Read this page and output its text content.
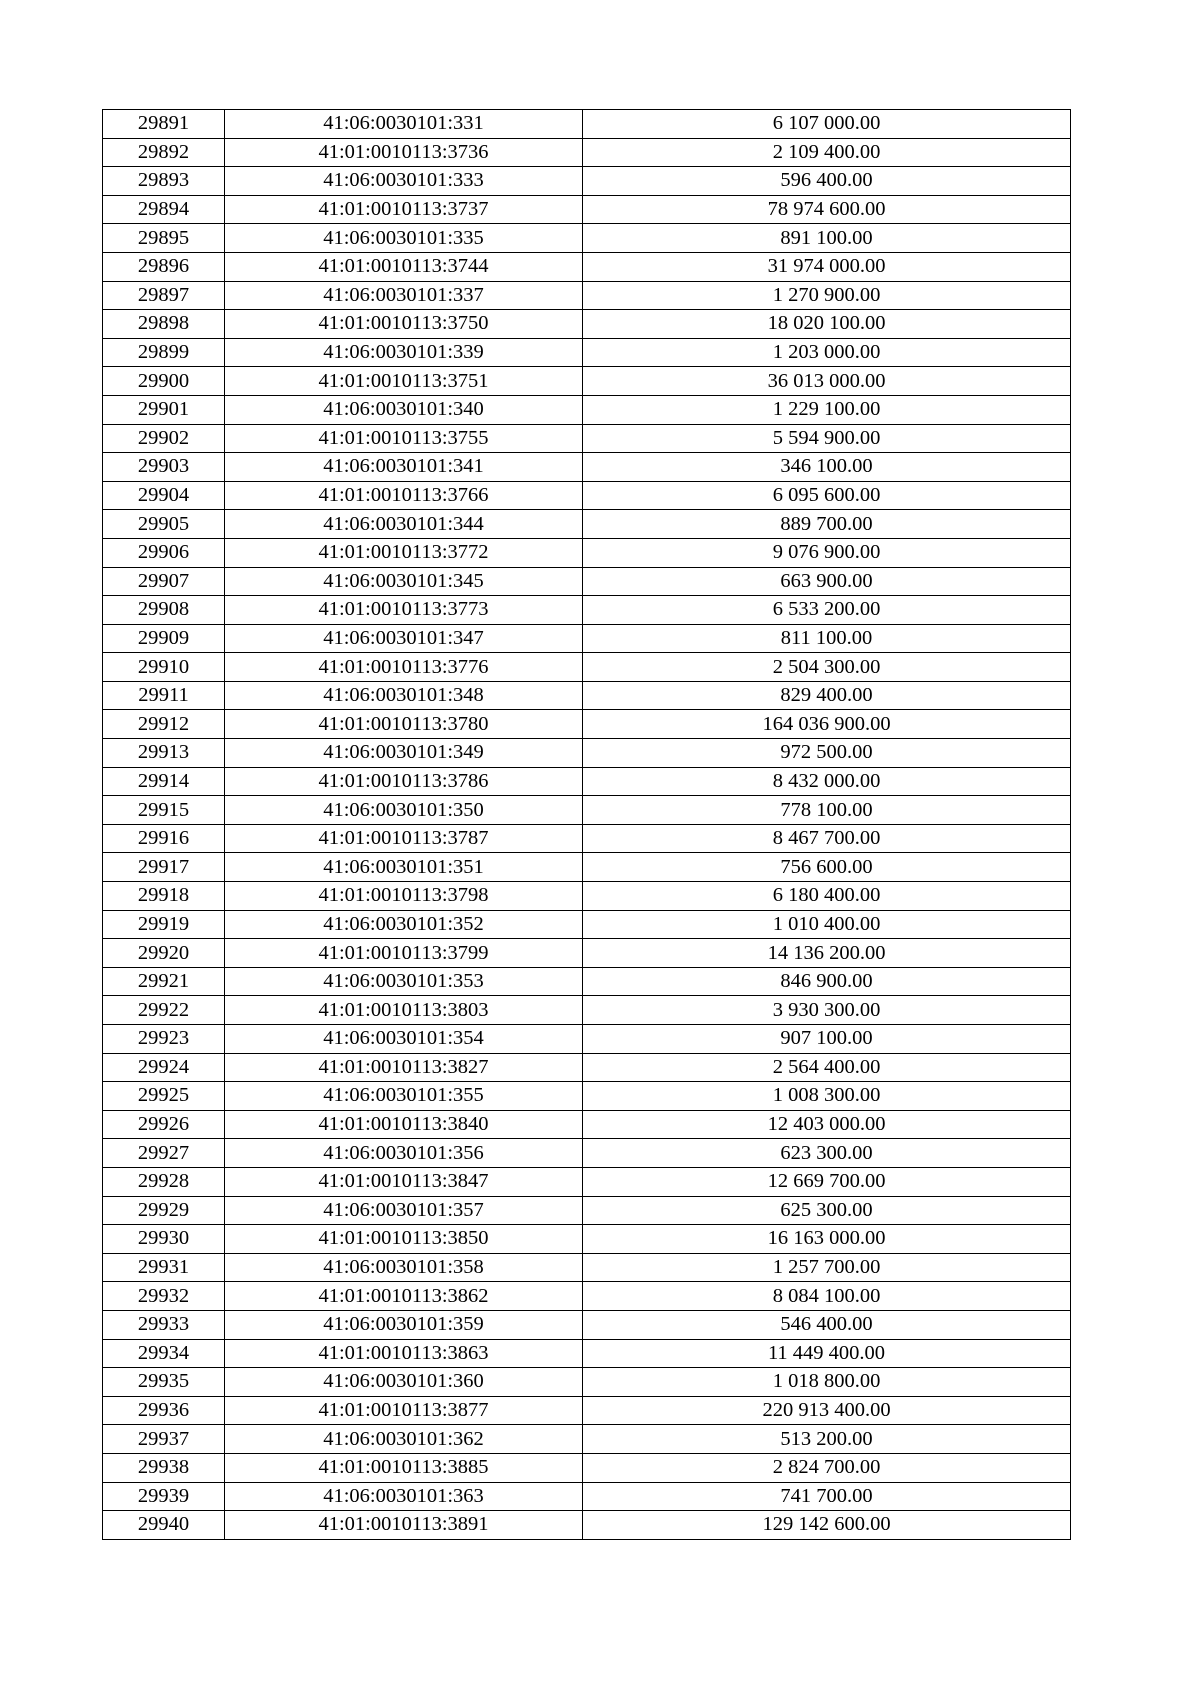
29891	41:06:0030101:331	6 107 000.00
29892	41:01:0010113:3736	2 109 400.00
29893	41:06:0030101:333	596 400.00
29894	41:01:0010113:3737	78 974 600.00
29895	41:06:0030101:335	891 100.00
29896	41:01:0010113:3744	31 974 000.00
29897	41:06:0030101:337	1 270 900.00
29898	41:01:0010113:3750	18 020 100.00
29899	41:06:0030101:339	1 203 000.00
29900	41:01:0010113:3751	36 013 000.00
29901	41:06:0030101:340	1 229 100.00
29902	41:01:0010113:3755	5 594 900.00
29903	41:06:0030101:341	346 100.00
29904	41:01:0010113:3766	6 095 600.00
29905	41:06:0030101:344	889 700.00
29906	41:01:0010113:3772	9 076 900.00
29907	41:06:0030101:345	663 900.00
29908	41:01:0010113:3773	6 533 200.00
29909	41:06:0030101:347	811 100.00
29910	41:01:0010113:3776	2 504 300.00
29911	41:06:0030101:348	829 400.00
29912	41:01:0010113:3780	164 036 900.00
29913	41:06:0030101:349	972 500.00
29914	41:01:0010113:3786	8 432 000.00
29915	41:06:0030101:350	778 100.00
29916	41:01:0010113:3787	8 467 700.00
29917	41:06:0030101:351	756 600.00
29918	41:01:0010113:3798	6 180 400.00
29919	41:06:0030101:352	1 010 400.00
29920	41:01:0010113:3799	14 136 200.00
29921	41:06:0030101:353	846 900.00
29922	41:01:0010113:3803	3 930 300.00
29923	41:06:0030101:354	907 100.00
29924	41:01:0010113:3827	2 564 400.00
29925	41:06:0030101:355	1 008 300.00
29926	41:01:0010113:3840	12 403 000.00
29927	41:06:0030101:356	623 300.00
29928	41:01:0010113:3847	12 669 700.00
29929	41:06:0030101:357	625 300.00
29930	41:01:0010113:3850	16 163 000.00
29931	41:06:0030101:358	1 257 700.00
29932	41:01:0010113:3862	8 084 100.00
29933	41:06:0030101:359	546 400.00
29934	41:01:0010113:3863	11 449 400.00
29935	41:06:0030101:360	1 018 800.00
29936	41:01:0010113:3877	220 913 400.00
29937	41:06:0030101:362	513 200.00
29938	41:01:0010113:3885	2 824 700.00
29939	41:06:0030101:363	741 700.00
29940	41:01:0010113:3891	129 142 600.00
